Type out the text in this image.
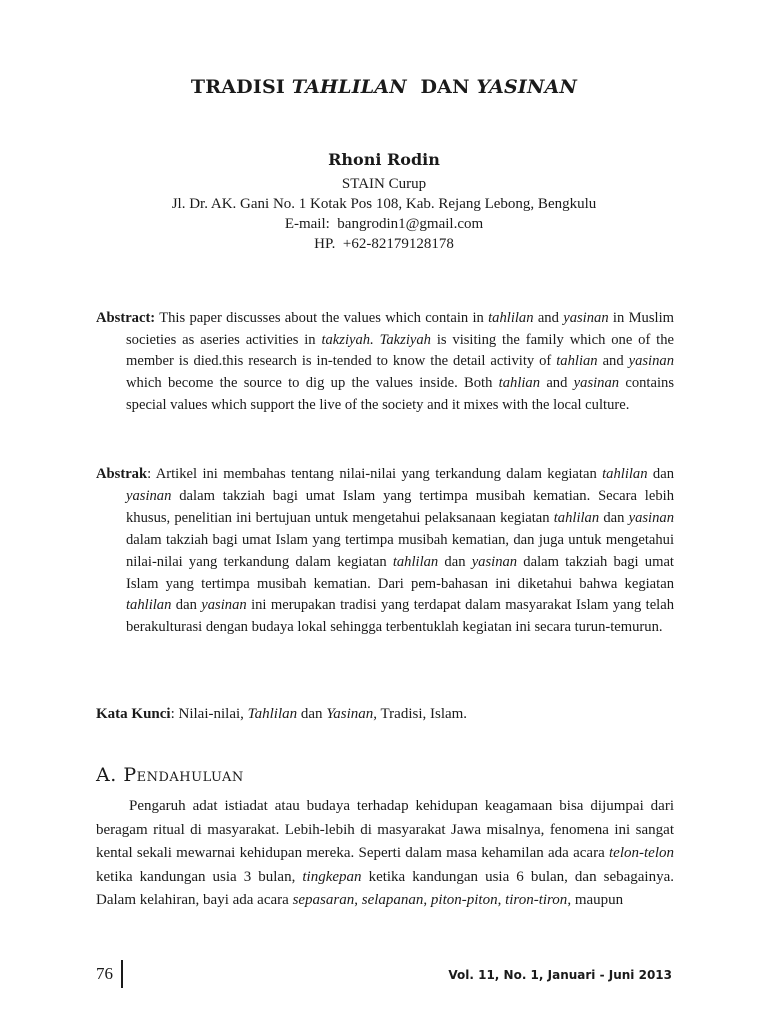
TRADISI TAHLILAN  DAN YASINAN
Rhoni Rodin
STAIN Curup
Jl. Dr. AK. Gani No. 1 Kotak Pos 108, Kab. Rejang Lebong, Bengkulu
E-mail:  bangrodin1@gmail.com
HP.  +62-82179128178
Abstract: This paper discusses about the values which contain in tahlilan and yasinan in Muslim societies as aseries activities in takziyah. Takziyah is visiting the family which one of the member is died.this research is in-tended to know the detail activity of tahlian and yasinan which become the source to dig up the values inside. Both tahlian and yasinan contains special values which support the live of the society and it mixes with the local culture.
Abstrak: Artikel ini membahas tentang nilai-nilai yang terkandung dalam kegiatan tahlilan dan yasinan dalam takziah bagi umat Islam yang tertimpa musibah kematian. Secara lebih khusus, penelitian ini bertujuan untuk mengetahui pelaksanaan kegiatan tahlilan dan yasinan dalam takziah bagi umat Islam yang tertimpa musibah kematian, dan juga untuk mengetahui nilai-nilai yang terkandung dalam kegiatan tahlilan dan yasinan dalam takziah bagi umat Islam yang tertimpa musibah kematian. Dari pem-bahasan ini diketahui bahwa kegiatan tahlilan dan yasinan ini merupakan tradisi yang terdapat dalam masyarakat Islam yang telah berakulturasi dengan budaya lokal sehingga terbentuklah kegiatan ini secara turun-temurun.
Kata Kunci: Nilai-nilai, Tahlilan dan Yasinan, Tradisi, Islam.
A. Pendahuluan
Pengaruh adat istiadat atau budaya terhadap kehidupan keagamaan bisa dijumpai dari beragam ritual di masyarakat. Lebih-lebih di masyarakat Jawa misalnya, fenomena ini sangat kental sekali mewarnai kehidupan mereka. Seperti dalam masa kehamilan ada acara telon-telon ketika kandungan usia 3 bulan, tingkepan ketika kandungan usia 6 bulan, dan sebagainya. Dalam kelahiran, bayi ada acara sepasaran, selapanan, piton-piton, tiron-tiron, maupun
76	Vol. 11, No. 1, Januari - Juni 2013
